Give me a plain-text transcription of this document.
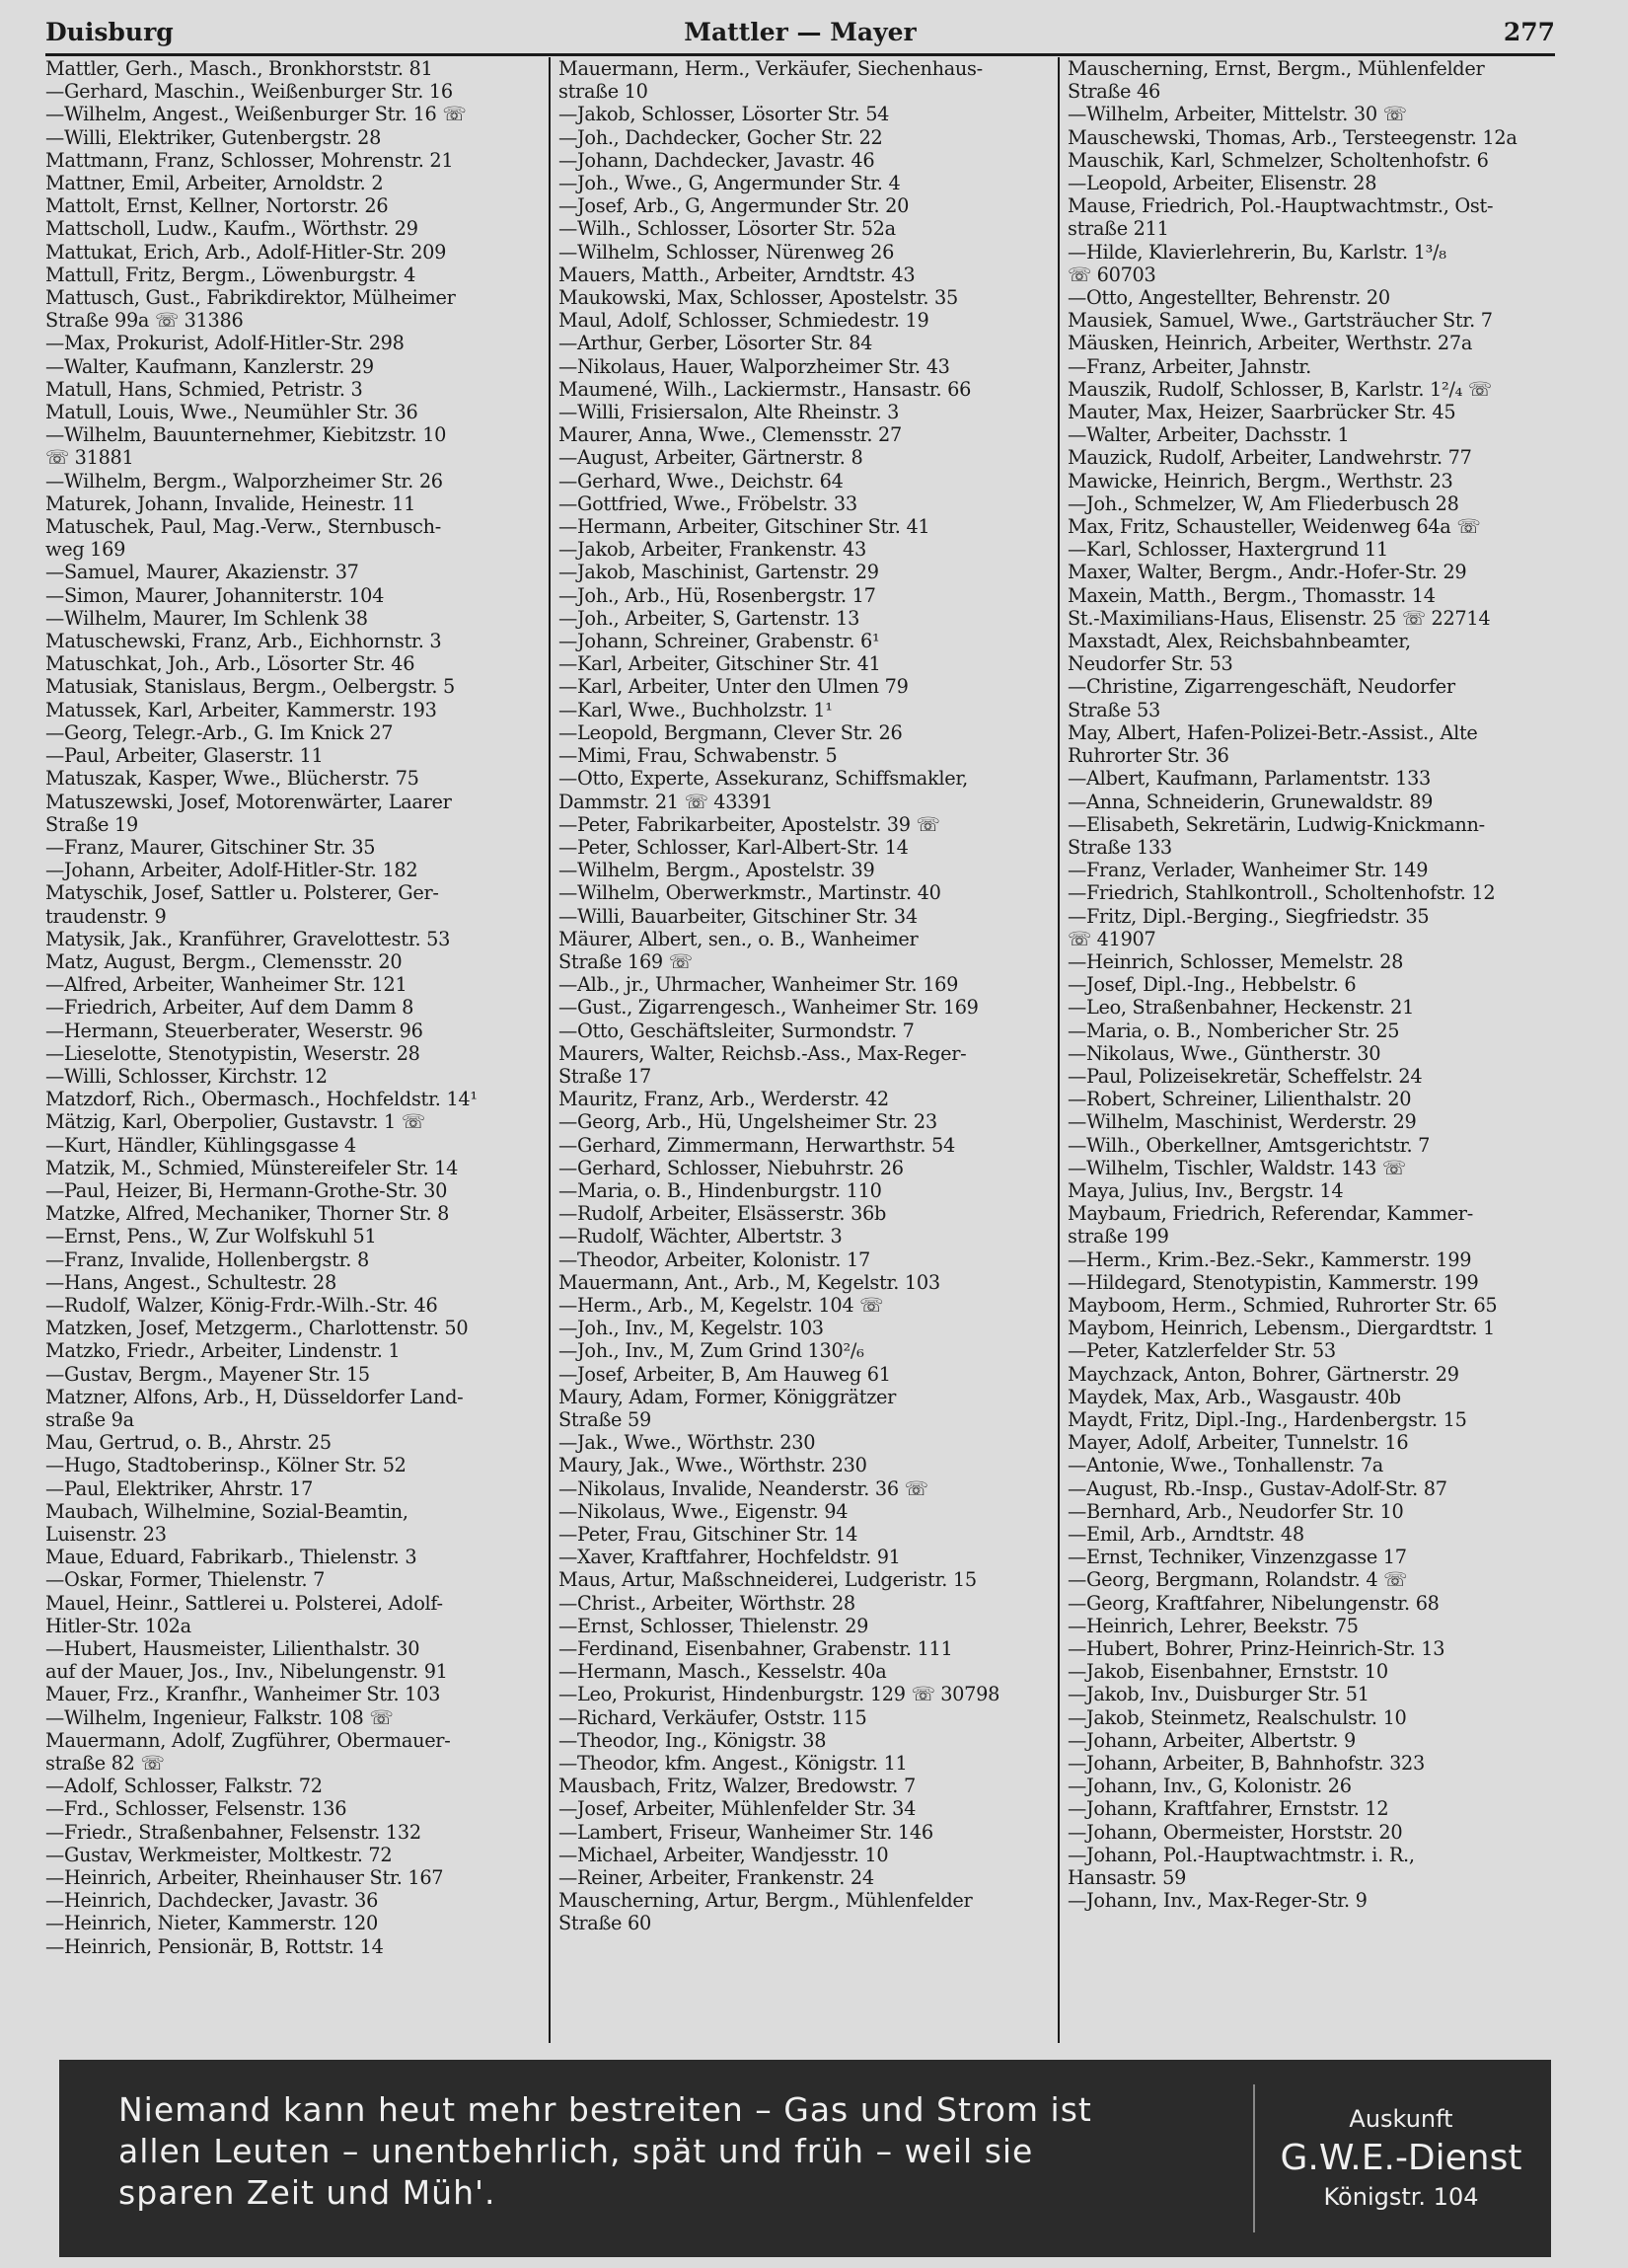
Duisburg	Mattler — Mayer	277
Mattler, Gerh., Masch., Bronkhorststr. 81
—Gerhard, Maschin., Weißenburger Str. 16
—Wilhelm, Angest., Weißenburger Str. 16 ☏
—Willi, Elektriker, Gutenbergstr. 28
Mattmann, Franz, Schlosser, Mohrenstr. 21
Mattner, Emil, Arbeiter, Arnoldstr. 2
Mattolt, Ernst, Kellner, Nortorstr. 26
Mattscholl, Ludw., Kaufm., Wörthstr. 29
Mattukat, Erich, Arb., Adolf-Hitler-Str. 209
Mattull, Fritz, Bergm., Löwenburgstr. 4
Mattusch, Gust., Fabrikdirektor, Mülheimer
Straße 99a ☏ 31386
—Max, Prokurist, Adolf-Hitler-Str. 298
—Walter, Kaufmann, Kanzlerstr. 29
Matull, Hans, Schmied, Petristr. 3
Matull, Louis, Wwe., Neumühler Str. 36
—Wilhelm, Bauunternehmer, Kiebitzstr. 10
☏ 31881
—Wilhelm, Bergm., Walporzheimer Str. 26
Maturek, Johann, Invalide, Heinestr. 11
Matuschek, Paul, Mag.-Verw., Sternbusch-
weg 169
—Samuel, Maurer, Akazienstr. 37
—Simon, Maurer, Johanniterstr. 104
—Wilhelm, Maurer, Im Schlenk 38
Matuschewski, Franz, Arb., Eichhornstr. 3
Matuschkat, Joh., Arb., Lösorter Str. 46
Matusiak, Stanislaus, Bergm., Oelbergstr. 5
Matussek, Karl, Arbeiter, Kammerstr. 193
—Georg, Telegr.-Arb., G. Im Knick 27
—Paul, Arbeiter, Glaserstr. 11
Matuszak, Kasper, Wwe., Blücherstr. 75
Matuszewski, Josef, Motorenwärter, Laarer
Straße 19
—Franz, Maurer, Gitschiner Str. 35
—Johann, Arbeiter, Adolf-Hitler-Str. 182
Matyschik, Josef, Sattler u. Polsterer, Ger-
traudenstr. 9
Matysik, Jak., Kranführer, Gravelottestr. 53
Matz, August, Bergm., Clemensstr. 20
—Alfred, Arbeiter, Wanheimer Str. 121
—Friedrich, Arbeiter, Auf dem Damm 8
—Hermann, Steuerberater, Weserstr. 96
—Lieselotte, Stenotypistin, Weserstr. 28
—Willi, Schlosser, Kirchstr. 12
Matzdorf, Rich., Obermasch., Hochfeldstr. 14¹
Mätzig, Karl, Oberpolier, Gustavstr. 1 ☏
—Kurt, Händler, Kühlingsgasse 4
Matzik, M., Schmied, Münstereifeler Str. 14
—Paul, Heizer, Bi, Hermann-Grothe-Str. 30
Matzke, Alfred, Mechaniker, Thorner Str. 8
—Ernst, Pens., W, Zur Wolfskuhl 51
—Franz, Invalide, Hollenbergstr. 8
—Hans, Angest., Schultestr. 28
—Rudolf, Walzer, König-Frdr.-Wilh.-Str. 46
Matzken, Josef, Metzgerm., Charlottenstr. 50
Matzko, Friedr., Arbeiter, Lindenstr. 1
—Gustav, Bergm., Mayener Str. 15
Matzner, Alfons, Arb., H, Düsseldorfer Land-
straße 9a
Mau, Gertrud, o. B., Ahrstr. 25
—Hugo, Stadtoberinsp., Kölner Str. 52
—Paul, Elektriker, Ahrstr. 17
Maubach, Wilhelmine, Sozial-Beamtin,
Luisenstr. 23
Maue, Eduard, Fabrikarb., Thielenstr. 3
—Oskar, Former, Thielenstr. 7
Mauel, Heinr., Sattlerei u. Polsterei, Adolf-
Hitler-Str. 102a
—Hubert, Hausmeister, Lilienthalstr. 30
auf der Mauer, Jos., Inv., Nibelungenstr. 91
Mauer, Frz., Kranfhr., Wanheimer Str. 103
—Wilhelm, Ingenieur, Falkstr. 108 ☏
Mauermann, Adolf, Zugführer, Obermauer-
straße 82 ☏
—Adolf, Schlosser, Falkstr. 72
—Frd., Schlosser, Felsenstr. 136
—Friedr., Straßenbahner, Felsenstr. 132
—Gustav, Werkmeister, Moltkestr. 72
—Heinrich, Arbeiter, Rheinhauser Str. 167
—Heinrich, Dachdecker, Javastr. 36
—Heinrich, Nieter, Kammerstr. 120
—Heinrich, Pensionär, B, Rottstr. 14
Mauermann, Herm., Verkäufer, Siechenhaus-
straße 10
—Jakob, Schlosser, Lösorter Str. 54
—Joh., Dachdecker, Gocher Str. 22
—Johann, Dachdecker, Javastr. 46
—Joh., Wwe., G, Angermunder Str. 4
—Josef, Arb., G, Angermunder Str. 20
—Wilh., Schlosser, Lösorter Str. 52a
—Wilhelm, Schlosser, Nürenweg 26
Mauers, Matth., Arbeiter, Arndtstr. 43
Maukowski, Max, Schlosser, Apostelstr. 35
Maul, Adolf, Schlosser, Schmiedestr. 19
—Arthur, Gerber, Lösorter Str. 84
—Nikolaus, Hauer, Walporzheimer Str. 43
Maumené, Wilh., Lackiermstr., Hansastr. 66
—Willi, Frisiersalon, Alte Rheinstr. 3
Maurer, Anna, Wwe., Clemensstr. 27
—August, Arbeiter, Gärtnerstr. 8
—Gerhard, Wwe., Deichstr. 64
—Gottfried, Wwe., Fröbelstr. 33
—Hermann, Arbeiter, Gitschiner Str. 41
—Jakob, Arbeiter, Frankenstr. 43
—Jakob, Maschinist, Gartenstr. 29
—Joh., Arb., Hü, Rosenbergstr. 17
—Joh., Arbeiter, S, Gartenstr. 13
—Johann, Schreiner, Grabenstr. 6¹
—Karl, Arbeiter, Gitschiner Str. 41
—Karl, Arbeiter, Unter den Ulmen 79
—Karl, Wwe., Buchholzstr. 1¹
—Leopold, Bergmann, Clever Str. 26
—Mimi, Frau, Schwabenstr. 5
—Otto, Experte, Assekuranz, Schiffsmakler,
Dammstr. 21 ☏ 43391
—Peter, Fabrikarbeiter, Apostelstr. 39 ☏
—Peter, Schlosser, Karl-Albert-Str. 14
—Wilhelm, Bergm., Apostelstr. 39
—Wilhelm, Oberwerkmstr., Martinstr. 40
—Willi, Bauarbeiter, Gitschiner Str. 34
Mäurer, Albert, sen., o. B., Wanheimer
Straße 169 ☏
—Alb., jr., Uhrmacher, Wanheimer Str. 169
—Gust., Zigarrengesch., Wanheimer Str. 169
—Otto, Geschäftsleiter, Surmondstr. 7
Maurers, Walter, Reichsb.-Ass., Max-Reger-
Straße 17
Mauritz, Franz, Arb., Werderstr. 42
—Georg, Arb., Hü, Ungelsheimer Str. 23
—Gerhard, Zimmermann, Herwarthstr. 54
—Gerhard, Schlosser, Niebuhrstr. 26
—Maria, o. B., Hindenburgstr. 110
—Rudolf, Arbeiter, Elsässerstr. 36b
—Rudolf, Wächter, Albertstr. 3
—Theodor, Arbeiter, Kolonistr. 17
Mauermann, Ant., Arb., M, Kegelstr. 103
—Herm., Arb., M, Kegelstr. 104 ☏
—Joh., Inv., M, Kegelstr. 103
—Joh., Inv., M, Zum Grind 130²/₆
—Josef, Arbeiter, B, Am Hauweg 61
Maury, Adam, Former, Königgrätzer
Straße 59
—Jak., Wwe., Wörthstr. 230
Maury, Jak., Wwe., Wörthstr. 230
—Nikolaus, Invalide, Neanderstr. 36 ☏
—Nikolaus, Wwe., Eigenstr. 94
—Peter, Frau, Gitschiner Str. 14
—Xaver, Kraftfahrer, Hochfeldstr. 91
Maus, Artur, Maßschneiderei, Ludgeristr. 15
—Christ., Arbeiter, Wörthstr. 28
—Ernst, Schlosser, Thielenstr. 29
—Ferdinand, Eisenbahner, Grabenstr. 111
—Hermann, Masch., Kesselstr. 40a
—Leo, Prokurist, Hindenburgstr. 129 ☏ 30798
—Richard, Verkäufer, Oststr. 115
—Theodor, Ing., Königstr. 38
—Theodor, kfm. Angest., Königstr. 11
Mausbach, Fritz, Walzer, Bredowstr. 7
—Josef, Arbeiter, Mühlenfelder Str. 34
—Lambert, Friseur, Wanheimer Str. 146
—Michael, Arbeiter, Wandjesstr. 10
—Reiner, Arbeiter, Frankenstr. 24
Mauscherning, Artur, Bergm., Mühlenfelder
Straße 60
Mauscherning, Ernst, Bergm., Mühlenfelder
Straße 46
—Wilhelm, Arbeiter, Mittelstr. 30 ☏
Mauschewski, Thomas, Arb., Tersteegenstr. 12a
Mauschik, Karl, Schmelzer, Scholtenhofstr. 6
—Leopold, Arbeiter, Elisenstr. 28
Mause, Friedrich, Pol.-Hauptwachtmstr., Ost-
straße 211
—Hilde, Klavierlehrerin, Bu, Karlstr. 1³/₈
☏ 60703
—Otto, Angestellter, Behrenstr. 20
Mausiek, Samuel, Wwe., Gartsträucher Str. 7
Mäusken, Heinrich, Arbeiter, Werthstr. 27a
—Franz, Arbeiter, Jahnstr.
Mauszik, Rudolf, Schlosser, B, Karlstr. 1²/₄ ☏
Mauter, Max, Heizer, Saarbrücker Str. 45
—Walter, Arbeiter, Dachsstr. 1
Mauzick, Rudolf, Arbeiter, Landwehrstr. 77
Mawicke, Heinrich, Bergm., Werthstr. 23
—Joh., Schmelzer, W, Am Fliederbusch 28
Max, Fritz, Schausteller, Weidenweg 64a ☏
—Karl, Schlosser, Haxtergrund 11
Maxer, Walter, Bergm., Andr.-Hofer-Str. 29
Maxein, Matth., Bergm., Thomasstr. 14
St.-Maximilians-Haus, Elisenstr. 25 ☏ 22714
Maxstadt, Alex, Reichsbahnbeamter,
Neudorfer Str. 53
—Christine, Zigarrengeschäft, Neudorfer
Straße 53
May, Albert, Hafen-Polizei-Betr.-Assist., Alte
Ruhrorter Str. 36
—Albert, Kaufmann, Parlamentstr. 133
—Anna, Schneiderin, Grunewaldstr. 89
—Elisabeth, Sekretärin, Ludwig-Knickmann-
Straße 133
—Franz, Verlader, Wanheimer Str. 149
—Friedrich, Stahlkontroll., Scholtenhofstr. 12
—Fritz, Dipl.-Berging., Siegfriedstr. 35
☏ 41907
—Heinrich, Schlosser, Memelstr. 28
—Josef, Dipl.-Ing., Hebbelstr. 6
—Leo, Straßenbahner, Heckenstr. 21
—Maria, o. B., Nombericher Str. 25
—Nikolaus, Wwe., Güntherstr. 30
—Paul, Polizeisekretär, Scheffelstr. 24
—Robert, Schreiner, Lilienthalstr. 20
—Wilhelm, Maschinist, Werderstr. 29
—Wilh., Oberkellner, Amtsgerichtstr. 7
—Wilhelm, Tischler, Waldstr. 143 ☏
Maya, Julius, Inv., Bergstr. 14
Maybaum, Friedrich, Referendar, Kammer-
straße 199
—Herm., Krim.-Bez.-Sekr., Kammerstr. 199
—Hildegard, Stenotypistin, Kammerstr. 199
Mayboom, Herm., Schmied, Ruhrorter Str. 65
Maybom, Heinrich, Lebensm., Diergardtstr. 1
—Peter, Katzlerfelder Str. 53
Maychzack, Anton, Bohrer, Gärtnerstr. 29
Maydek, Max, Arb., Wasgaustr. 40b
Maydt, Fritz, Dipl.-Ing., Hardenbergstr. 15
Mayer, Adolf, Arbeiter, Tunnelstr. 16
—Antonie, Wwe., Tonhallenstr. 7a
—August, Rb.-Insp., Gustav-Adolf-Str. 87
—Bernhard, Arb., Neudorfer Str. 10
—Emil, Arb., Arndtstr. 48
—Ernst, Techniker, Vinzenzgasse 17
—Georg, Bergmann, Rolandstr. 4 ☏
—Georg, Kraftfahrer, Nibelungenstr. 68
—Heinrich, Lehrer, Beekstr. 75
—Hubert, Bohrer, Prinz-Heinrich-Str. 13
—Jakob, Eisenbahner, Ernststr. 10
—Jakob, Inv., Duisburger Str. 51
—Jakob, Steinmetz, Realschulstr. 10
—Johann, Arbeiter, Albertstr. 9
—Johann, Arbeiter, B, Bahnhofstr. 323
—Johann, Inv., G, Kolonistr. 26
—Johann, Kraftfahrer, Ernststr. 12
—Johann, Obermeister, Horststr. 20
—Johann, Pol.-Hauptwachtmstr. i. R.,
Hansastr. 59
—Johann, Inv., Max-Reger-Str. 9
Niemand kann heut mehr bestreiten – Gas und Strom ist
allen Leuten – unentbehrlich, spät und früh – weil sie
sparen Zeit und Müh'.
Auskunft
G.W.E.-Dienst
Königstr. 104
